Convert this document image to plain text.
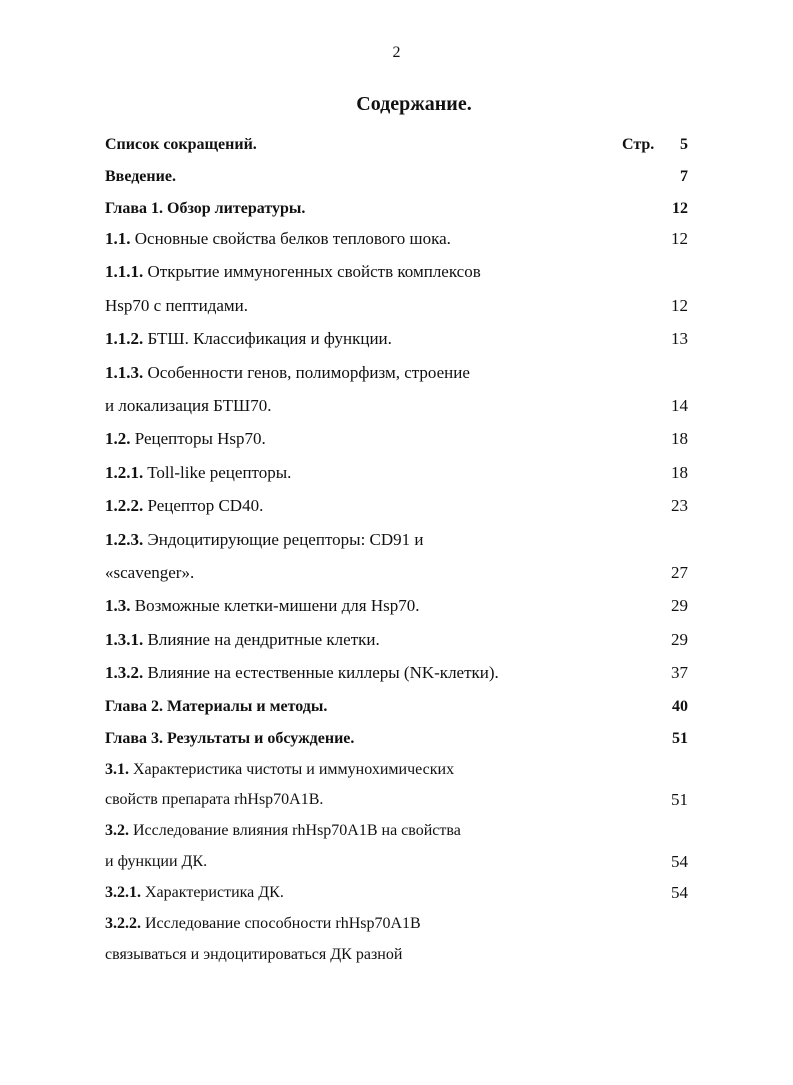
2
Содержание.
Стр.
Список сокращений.	5
Введение.	7
Глава 1. Обзор литературы.	12
1.1. Основные свойства белков теплового шока.	12
1.1.1. Открытие иммуногенных свойств комплексов
Hsp70 с пептидами.	12
1.1.2. БТШ. Классификация и функции.	13
1.1.3. Особенности генов, полиморфизм, строение
и локализация БТШ70.	14
1.2. Рецепторы Hsp70.	18
1.2.1. Toll-like рецепторы.	18
1.2.2. Рецептор CD40.	23
1.2.3. Эндоцитирующие рецепторы: CD91 и
«scavenger».	27
1.3. Возможные клетки-мишени для Hsp70.	29
1.3.1. Влияние на дендритные клетки.	29
1.3.2. Влияние на естественные киллеры (NK-клетки).	37
Глава 2. Материалы и методы.	40
Глава 3. Результаты и обсуждение.	51
3.1. Характеристика чистоты и иммунохимических
свойств препарата rhHsp70A1B.	51
3.2. Исследование влияния rhHsp70A1B на свойства
и функции ДК.	54
3.2.1. Характеристика ДК.	54
3.2.2. Исследование способности rhHsp70A1B
связываться и эндоцитироваться ДК разной
